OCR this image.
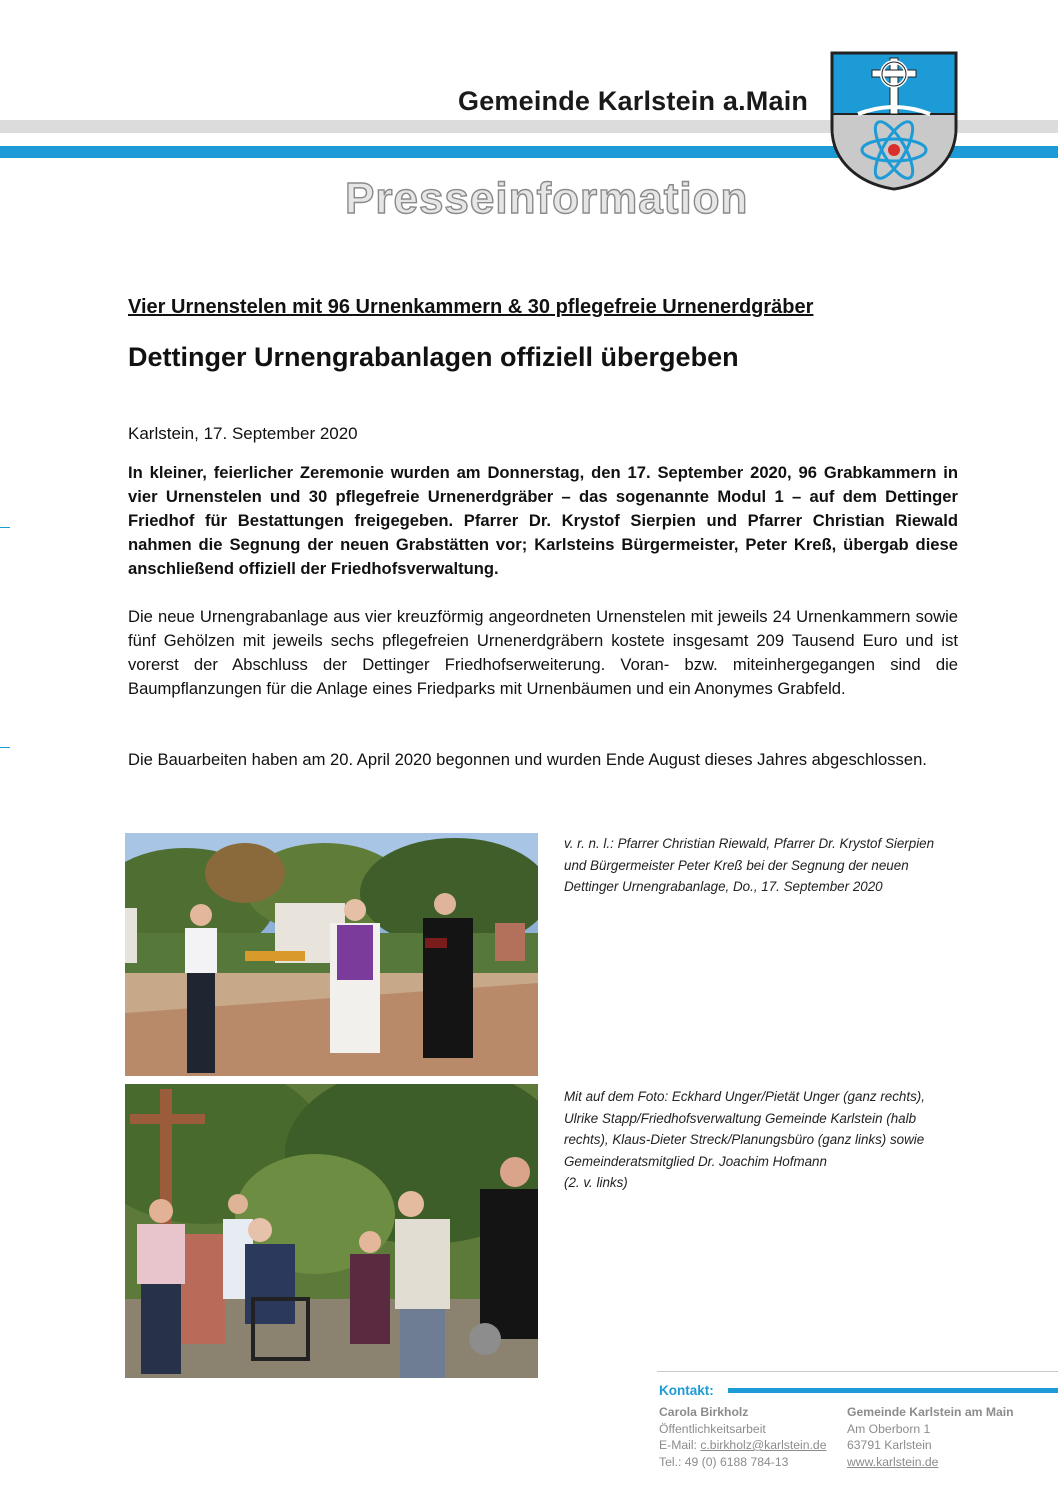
Gemeinde Karlstein a.Main
Presseinformation
Vier Urnenstelen mit 96 Urnenkammern & 30 pflegefreie Urnenerdgräber
Dettinger Urnengrabanlagen offiziell übergeben
Karlstein, 17. September 2020
In kleiner, feierlicher Zeremonie wurden am Donnerstag, den 17. September 2020, 96 Grabkammern in vier Urnenstelen und 30 pflegefreie Urnenerdgräber – das sogenannte Modul 1 – auf dem Dettinger Friedhof für Bestattungen freigegeben. Pfarrer Dr. Krystof Sierpien und Pfarrer Christian Riewald nahmen die Segnung der neuen Grabstätten vor; Karlsteins Bürgermeister, Peter Kreß, übergab diese anschließend offiziell der Friedhofsverwaltung.
Die neue Urnengrabanlage aus vier kreuzförmig angeordneten Urnenstelen mit jeweils 24 Urnenkammern sowie fünf Gehölzen mit jeweils sechs pflegefreien Urnenerdgräbern kostete insgesamt 209 Tausend Euro und ist vorerst der Abschluss der Dettinger Friedhofserweiterung. Voran- bzw. miteinhergegangen sind die Baumpflanzungen für die Anlage eines Friedparks mit Urnenbäumen und ein Anonymes Grabfeld.
Die Bauarbeiten haben am 20. April 2020 begonnen und wurden Ende August dieses Jahres abgeschlossen.
v. r. n. l.: Pfarrer Christian Riewald, Pfarrer Dr. Krystof Sierpien
und Bürgermeister Peter Kreß bei der Segnung der neuen
Dettinger Urnengrabanlage, Do., 17. September 2020
Mit auf dem Foto: Eckhard Unger/Pietät Unger (ganz rechts),
Ulrike Stapp/Friedhofsverwaltung Gemeinde Karlstein (halb
rechts), Klaus-Dieter Streck/Planungsbüro (ganz links) sowie
Gemeinderatsmitglied Dr. Joachim Hofmann
(2. v. links)
Kontakt:
Carola Birkholz
Öffentlichkeitsarbeit
E-Mail: c.birkholz@karlstein.de
Tel.: 49 (0) 6188 784-13
Gemeinde Karlstein am Main
Am Oberborn 1
63791 Karlstein
www.karlstein.de
